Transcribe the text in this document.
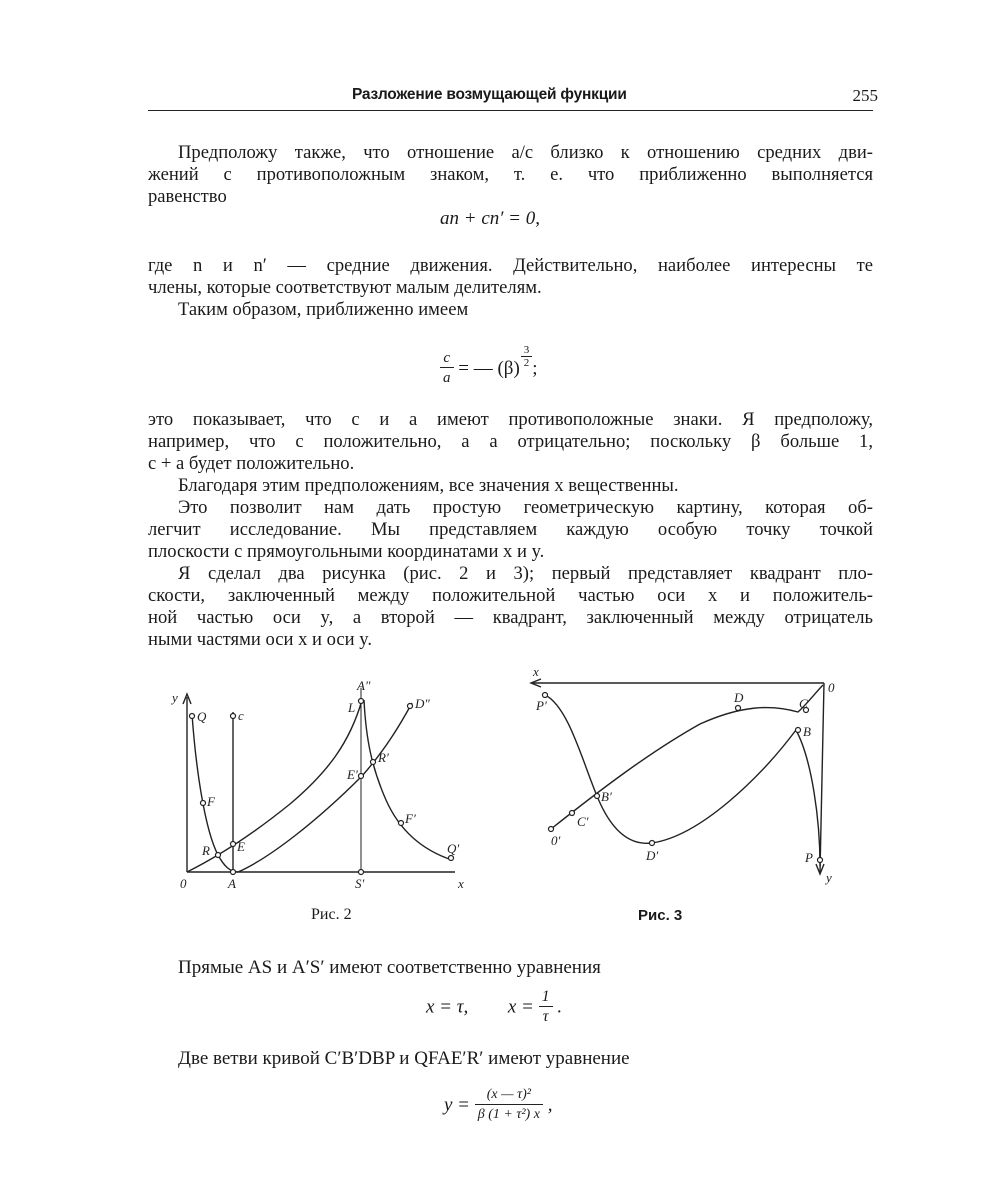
Разложение возмущающей функции	255
Предположу также, что отношение a/c близко к отношению средних дви-
жений с противоположным знаком, т. е. что приближенно выполняется
равенство
an + cn′ = 0,
где n и n′ — средние движения. Действительно, наиболее интересны те
члены, которые соответствуют малым делителям.
Таким образом, приближенно имеем
$\frac{c}{a}$ = — $(\beta) \frac{3}{2}$ ;
это показывает, что c и a имеют противоположные знаки. Я предположу,
например, что c положительно, а a отрицательно; поскольку β больше 1,
c + a будет положительно.
Благодаря этим предположениям, все значения x вещественны.
Это позволит нам дать простую геометрическую картину, которая об-
легчит исследование. Мы представляем каждую особую точку точкой
плоскости с прямоугольными координатами x и y.
Я сделал два рисунка (рис. 2 и 3); первый представляет квадрант пло-
скости, заключенный между положительной частью оси x и положитель-
ной частью оси y, а второй — квадрант, заключенный между отрицатель
ными частями оси x и оси y.
y
Q c
F
R E
0	A
A″
L	D″
R′
E′
F′
Q′
S′	x
x
P′
D	C
0
B
B′
C′
0′
D′	P
y
Рис. 2	Рис. 3
Прямые AS и A′S′ имеют соответственно уравнения
x = τ, $x = \frac{1}{\tau}$ .
Две ветви кривой C′B′DBP и QFAE′R′ имеют уравнение
$y = \frac{\text{(x — τ)²}}{\text{β (1 + τ²) x}}$ ,
